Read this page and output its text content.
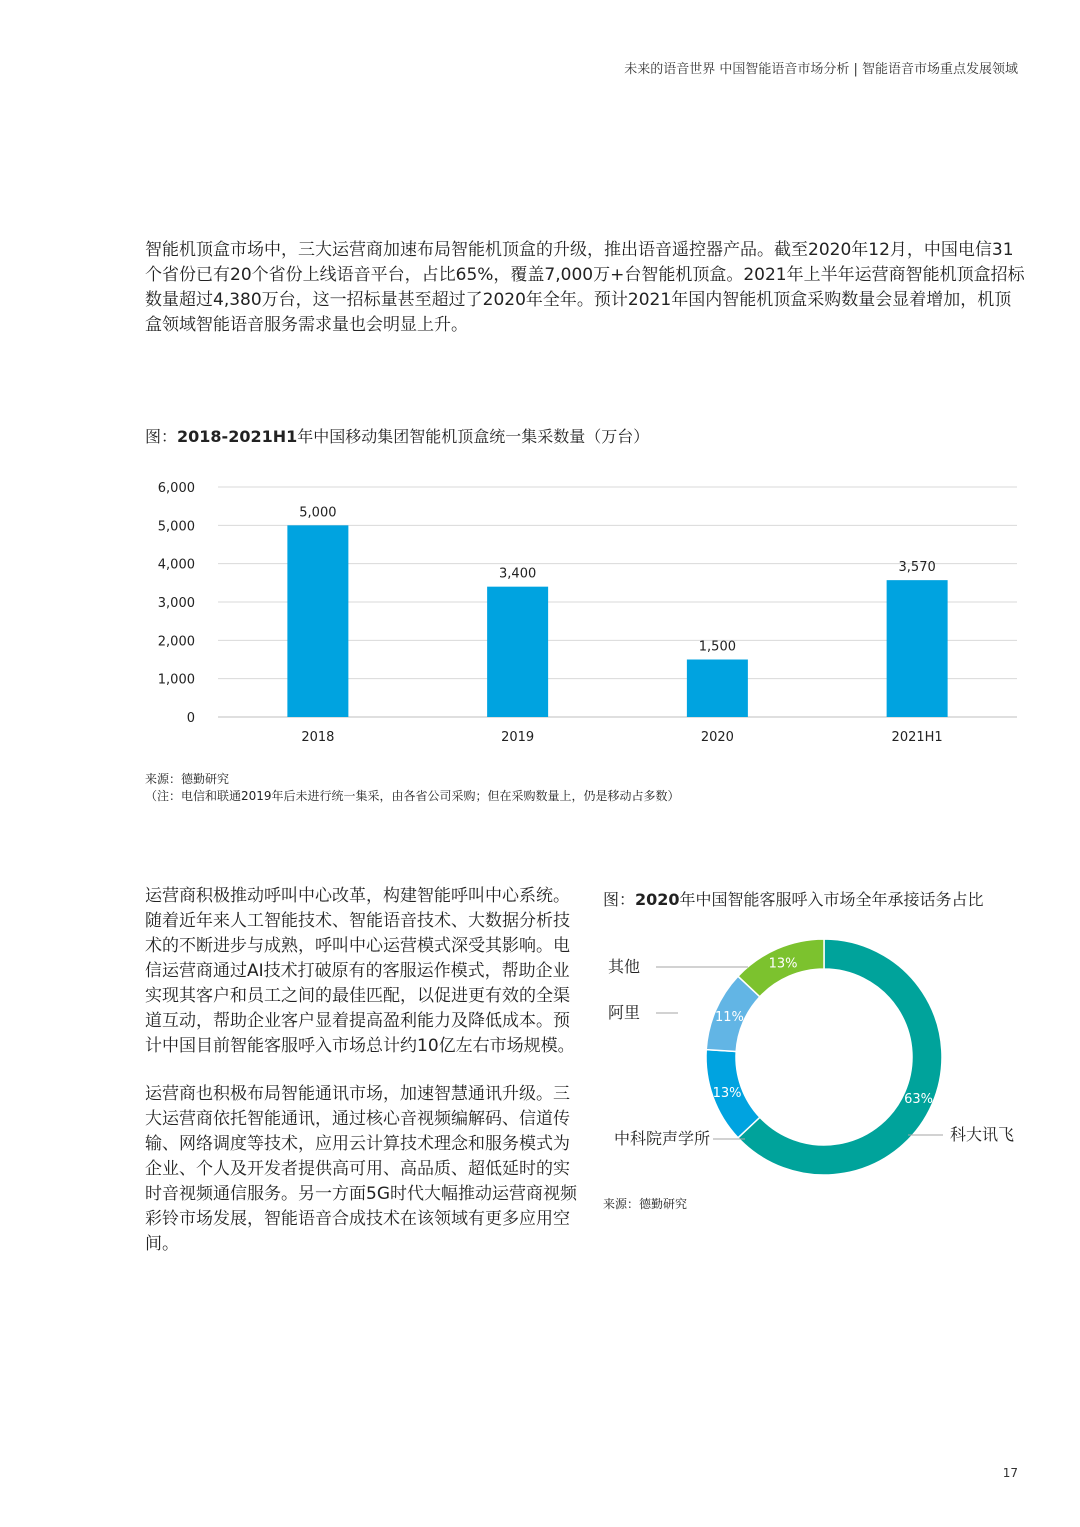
未来的语音世界 中国智能语音市场分析 | 智能语音市场重点发展领域

智能机顶盒市场中，三大运营商加速布局智能机顶盒的升级，推出语音遥控器产品。截至2020年12月，中国电信31个省份已有20个省份上线语音平台，占比65%，覆盖7,000万+台智能机顶盒。2021年上半年运营商智能机顶盒招标数量超过4,380万台，这一招标量甚至超过了2020年全年。预计2021年国内智能机顶盒采购数量会显着增加，机顶盒领域智能语音服务需求量也会明显上升。

图：2018-2021H1年中国移动集团智能机顶盒统一集采数量（万台）
0
1,000
2,000
3,000
4,000
5,000
6,000
5,000
2018
3,400
2019
1,500
2020
3,570
2021H1
来源：德勤研究
（注：电信和联通2019年后未进行统一集采，由各省公司采购；但在采购数量上，仍是移动占多数）

运营商积极推动呼叫中心改革，构建智能呼叫中心系统。随着近年来人工智能技术、智能语音技术、大数据分析技术的不断进步与成熟，呼叫中心运营模式深受其影响。电信运营商通过AI技术打破原有的客服运作模式，帮助企业实现其客户和员工之间的最佳匹配，以促进更有效的全渠道互动，帮助企业客户显着提高盈利能力及降低成本。预计中国目前智能客服呼入市场总计约10亿左右市场规模。

运营商也积极布局智能通讯市场，加速智慧通讯升级。三大运营商依托智能通讯，通过核心音视频编解码、信道传输、网络调度等技术，应用云计算技术理念和服务模式为企业、个人及开发者提供高可用、高品质、超低延时的实时音视频通信服务。另一方面5G时代大幅推动运营商视频彩铃市场发展，智能语音合成技术在该领域有更多应用空间。

图：2020年中国智能客服呼入市场全年承接话务占比
63%
13%
11%
13%
科大讯飞
中科院声学所
阿里
其他
来源：德勤研究
17
